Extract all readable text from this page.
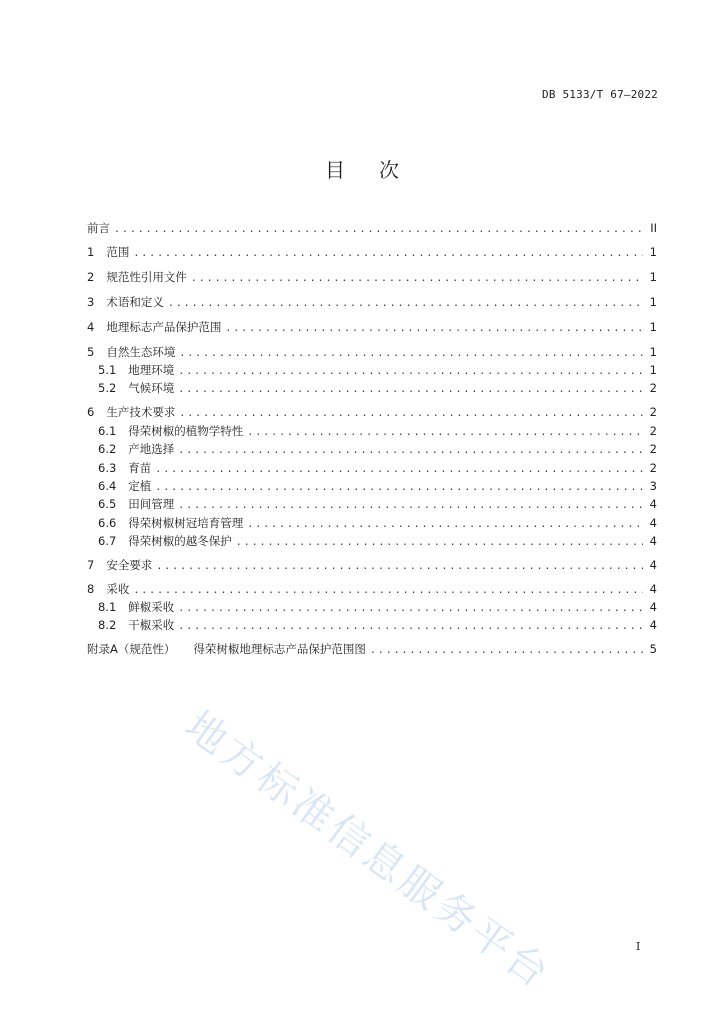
DB 5133/T 67—2022
目次
前言 .....	II
1 范围 .....	1
2 规范性引用文件 .....	1
3 术语和定义 .....	1
4 地理标志产品保护范围 .....	1
5 自然生态环境 .....	1
5.1 地理环境 .....	1
5.2 气候环境 .....	2
6 生产技术要求 .....	2
6.1 得荣树椒的植物学特性 .....	2
6.2 产地选择 .....	2
6.3 育苗 .....	2
6.4 定植 .....	3
6.5 田间管理 .....	4
6.6 得荣树椒树冠培育管理 .....	4
6.7 得荣树椒的越冬保护 .....	4
7 安全要求 .....	4
8 采收 .....	4
8.1 鲜椒采收 .....	4
8.2 干椒采收 .....	4
附录A（规范性） 得荣树椒地理标志产品保护范围图 .....	5
地方标准信息服务平台	I
